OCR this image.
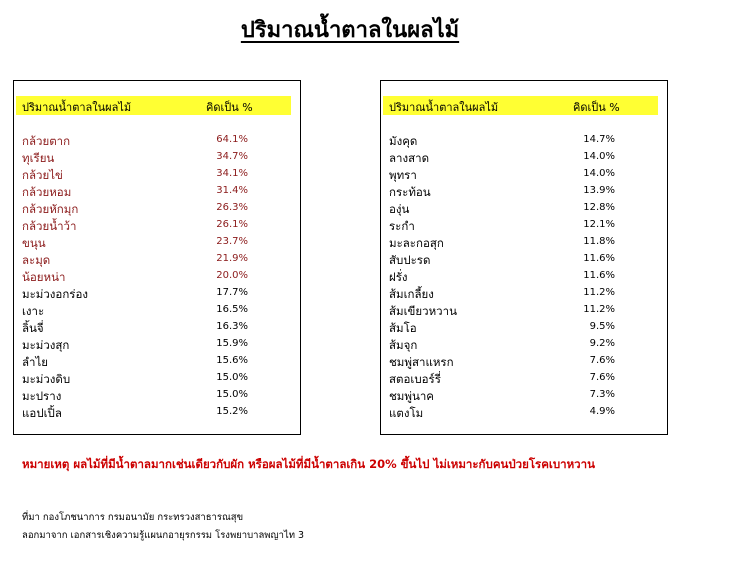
ปริมาณน้ำตาลในผลไม้
ปริมาณน้ำตาลในผลไม้	คิดเป็น %
กล้วยตาก	64.1%
ทุเรียน	34.7%
กล้วยไข่	34.1%
กล้วยหอม	31.4%
กล้วยหักมุก	26.3%
กล้วยน้ำว้า	26.1%
ขนุน	23.7%
ละมุด	21.9%
น้อยหน่า	20.0%
มะม่วงอกร่อง	17.7%
เงาะ	16.5%
ลิ้นจี่	16.3%
มะม่วงสุก	15.9%
ลำไย	15.6%
มะม่วงดิบ	15.0%
มะปราง	15.0%
แอปเปิ้ล	15.2%
ปริมาณน้ำตาลในผลไม้	คิดเป็น %
มังคุด	14.7%
ลางสาด	14.0%
พุทรา	14.0%
กระท้อน	13.9%
องุ่น	12.8%
ระกำ	12.1%
มะละกอสุก	11.8%
สับปะรด	11.6%
ฝรั่ง	11.6%
ส้มเกลี้ยง	11.2%
ส้มเขียวหวาน	11.2%
ส้มโอ	9.5%
ส้มจุก	9.2%
ชมพู่สาแหรก	7.6%
สตอเบอร์รี่	7.6%
ชมพู่นาค	7.3%
แตงโม	4.9%
หมายเหตุ ผลไม้ที่มีน้ำตาลมากเช่นเดียวกับผัก หรือผลไม้ที่มีน้ำตาลเกิน 20% ขึ้นไป ไม่เหมาะกับคนป่วยโรคเบาหวาน
ที่มา กองโภชนาการ กรมอนามัย กระทรวงสาธารณสุข
ลอกมาจาก เอกสารเชิงความรู้แผนกอายุรกรรม โรงพยาบาลพญาไท 3
